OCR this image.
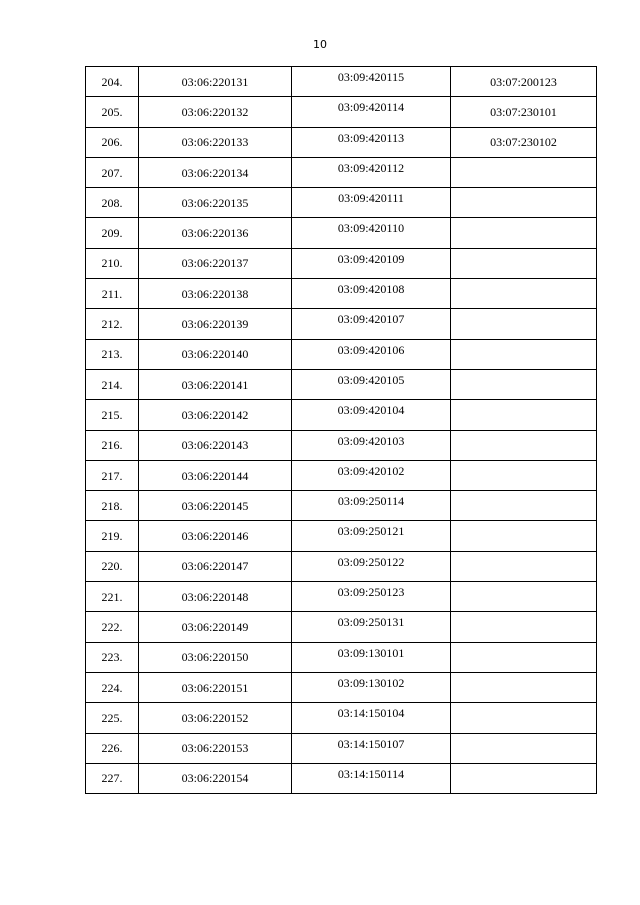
10
204.	03:06:220131	03:09:420115	03:07:200123
205.	03:06:220132	03:09:420114	03:07:230101
206.	03:06:220133	03:09:420113	03:07:230102
207.	03:06:220134	03:09:420112	

208.	03:06:220135	03:09:420111	

209.	03:06:220136	03:09:420110	

210.	03:06:220137	03:09:420109	

211.	03:06:220138	03:09:420108	

212.	03:06:220139	03:09:420107	

213.	03:06:220140	03:09:420106	

214.	03:06:220141	03:09:420105	

215.	03:06:220142	03:09:420104	

216.	03:06:220143	03:09:420103	

217.	03:06:220144	03:09:420102	

218.	03:06:220145	03:09:250114	

219.	03:06:220146	03:09:250121	

220.	03:06:220147	03:09:250122	

221.	03:06:220148	03:09:250123	

222.	03:06:220149	03:09:250131	

223.	03:06:220150	03:09:130101	

224.	03:06:220151	03:09:130102	

225.	03:06:220152	03:14:150104	

226.	03:06:220153	03:14:150107	

227.	03:06:220154	03:14:150114	
